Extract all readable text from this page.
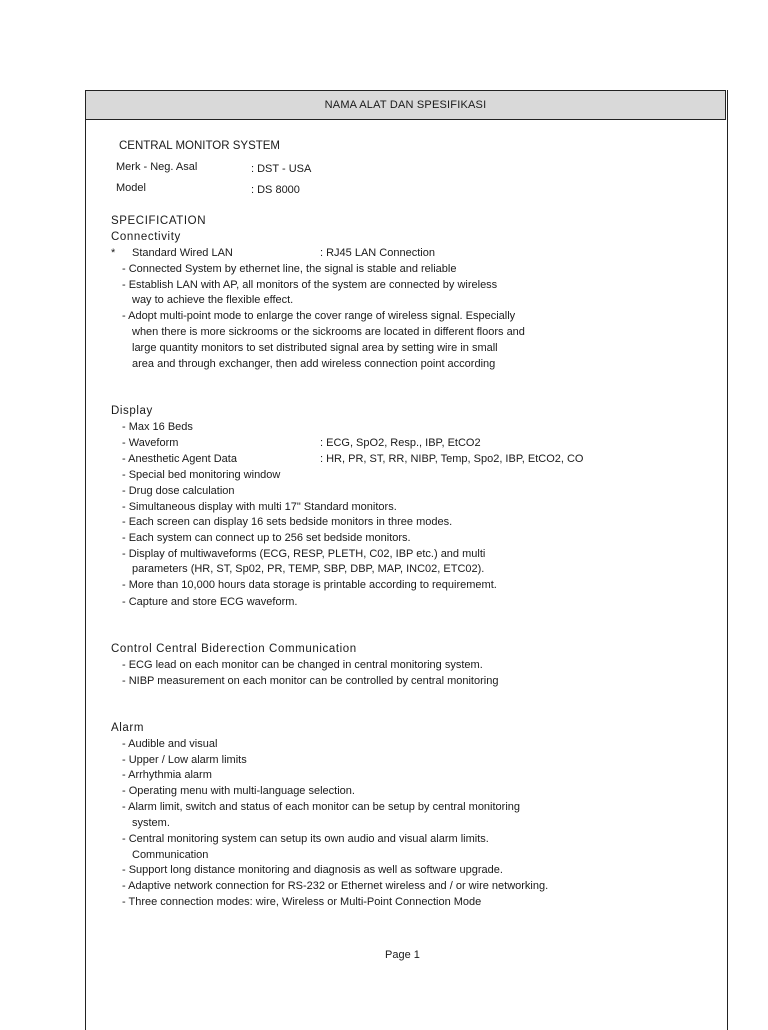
NAMA ALAT DAN SPESIFIKASI
CENTRAL MONITOR SYSTEM
Merk - Neg. Asal	: DST - USA
Model	: DS 8000
SPECIFICATION
Connectivity
* Standard Wired LAN	: RJ45 LAN Connection
- Connected System by ethernet line, the signal is stable and reliable
- Establish LAN with AP, all monitors of the system are connected by wireless
way to achieve the flexible effect.
- Adopt multi-point mode to enlarge the cover range of wireless signal. Especially
when there is more sickrooms or the sickrooms are located in different floors and
large quantity monitors to set distributed signal area by setting wire in small
area and through exchanger, then add wireless connection point according
Display
- Max 16 Beds
- Waveform	: ECG, SpO2, Resp., IBP, EtCO2
- Anesthetic Agent Data	: HR, PR, ST, RR, NIBP, Temp, Spo2, IBP, EtCO2, CO
- Special bed monitoring window
- Drug dose calculation
- Simultaneous display with multi 17" Standard monitors.
- Each screen can display 16 sets bedside monitors in three modes.
- Each system can connect up to 256 set bedside monitors.
- Display of multiwaveforms (ECG, RESP, PLETH, C02, IBP etc.) and multi
parameters (HR, ST, Sp02, PR, TEMP, SBP, DBP, MAP, INC02, ETC02).
- More than 10,000 hours data storage is printable according to requirememt.
- Capture and store ECG waveform.
Control Central Biderection Communication
- ECG lead on each monitor can be changed in central monitoring system.
- NIBP measurement on each monitor can be controlled by central monitoring
Alarm
- Audible and visual
- Upper / Low alarm limits
- Arrhythmia alarm
- Operating menu with multi-language selection.
- Alarm limit, switch and status of each monitor can be setup by central monitoring
system.
- Central monitoring system can setup its own audio and visual alarm limits.
Communication
- Support long distance monitoring and diagnosis as well as software upgrade.
- Adaptive network connection for RS-232 or Ethernet wireless and / or wire networking.
- Three connection modes: wire, Wireless or Multi-Point Connection Mode
Page 1
